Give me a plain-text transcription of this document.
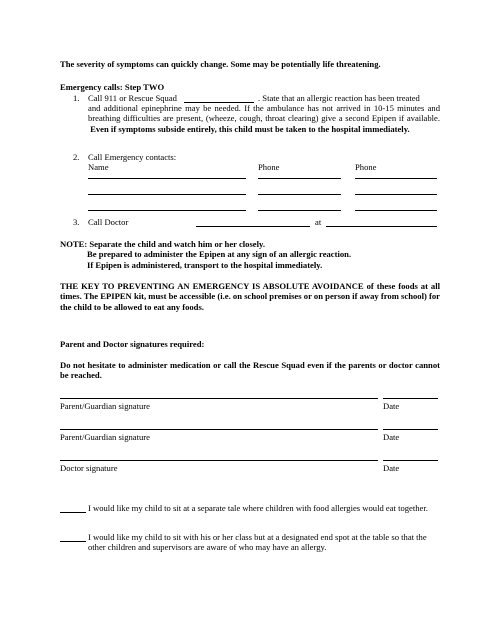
The severity of symptoms can quickly change. Some may be potentially life threatening.
Emergency calls: Step TWO
1. Call 911 or Rescue Squad	. State that an allergic reaction has been treated
and additional epinephrine may be needed. If the ambulance has not arrived in 10-15 minutes and breathing difficulties are present, (wheeze, cough, throat clearing) give a second Epipen if available.  Even if symptoms subside entirely, this child must be taken to the hospital immediately.
2. Call Emergency contacts:
Name	Phone	Phone
3. Call Doctor	at
NOTE: Separate the child and watch him or her closely.
Be prepared to administer the Epipen at any sign of an allergic reaction.
If Epipen is administered, transport to the hospital immediately.
THE KEY TO PREVENTING AN EMERGENCY IS ABSOLUTE AVOIDANCE of these foods at all times. The EPIPEN kit, must be accessible (i.e. on school premises or on person if away from school) for the child to be allowed to eat any foods.
Parent and Doctor signatures required:
Do not hesitate to administer medication or call the Rescue Squad even if the parents or doctor cannot be reached.
Parent/Guardian signature	Date
Parent/Guardian signature	Date
Doctor signature	Date
I would like my child to sit at a separate tale where children with food allergies would eat together.
I would like my child to sit with his or her class but at a designated end spot at the table so that the other children and supervisors are aware of who may have an allergy.
